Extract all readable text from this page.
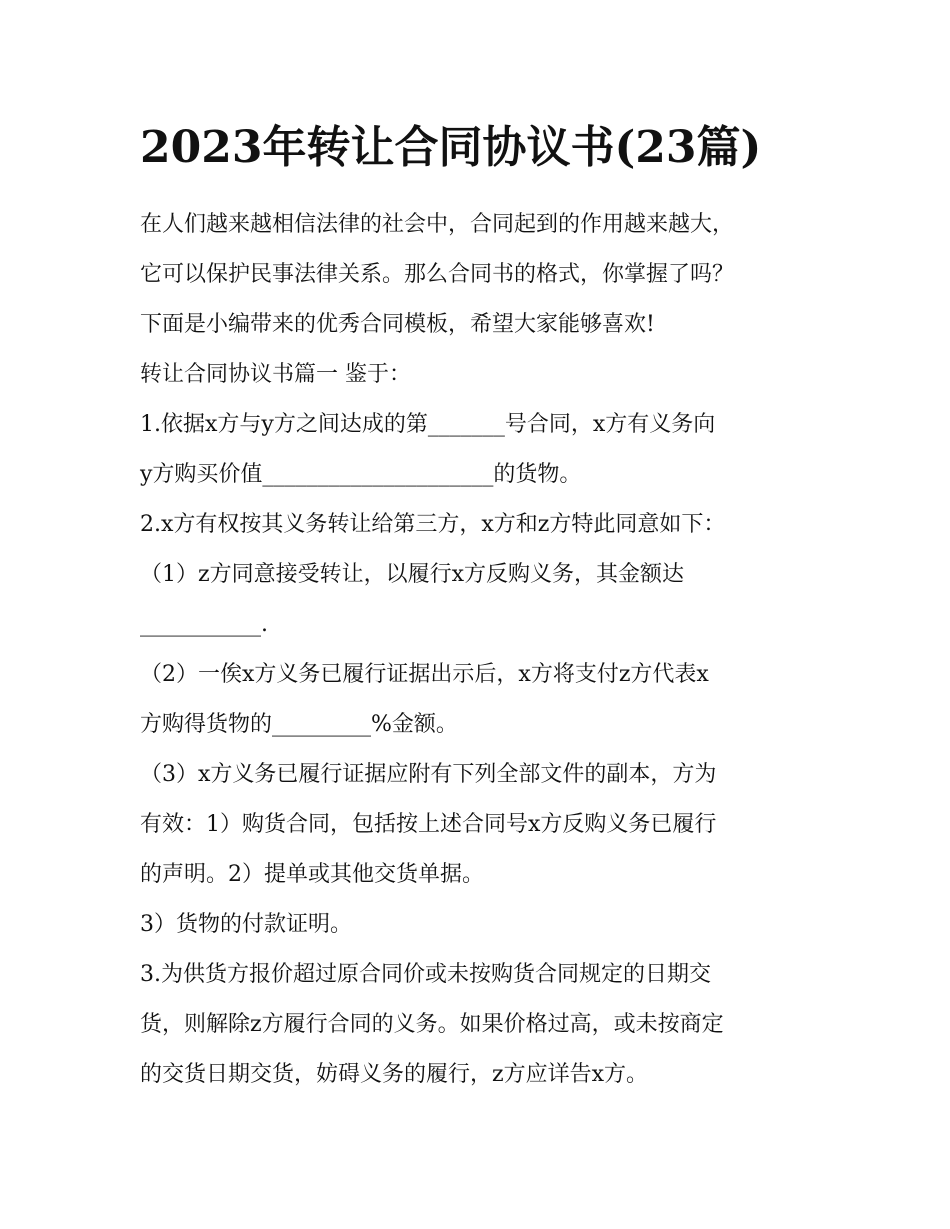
2023年转让合同协议书(23篇)

在人们越来越相信法律的社会中，合同起到的作用越来越大，

它可以保护民事法律关系。那么合同书的格式，你掌握了吗？

下面是小编带来的优秀合同模板，希望大家能够喜欢!

转让合同协议书篇一 鉴于：

1.依据x方与y方之间达成的第_______号合同，x方有义务向

y方购买价值_____________________的货物。

2.x方有权按其义务转让给第三方，x方和z方特此同意如下：

（1）z方同意接受转让，以履行x方反购义务，其金额达

___________.

（2）一俟x方义务已履行证据出示后，x方将支付z方代表x

方购得货物的_________%金额。

（3）x方义务已履行证据应附有下列全部文件的副本，方为

有效：1）购货合同，包括按上述合同号x方反购义务已履行

的声明。2）提单或其他交货单据。

3）货物的付款证明。

3.为供货方报价超过原合同价或未按购货合同规定的日期交

货，则解除z方履行合同的义务。如果价格过高，或未按商定

的交货日期交货，妨碍义务的履行，z方应详告x方。
